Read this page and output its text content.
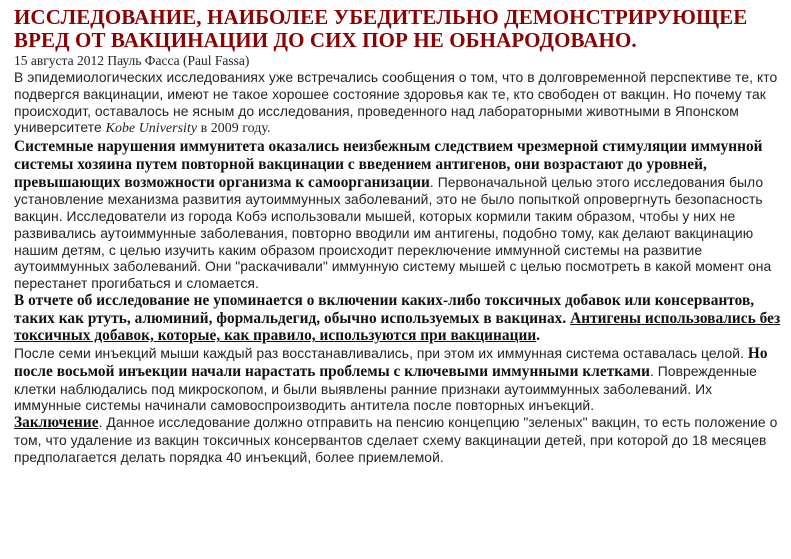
ИССЛЕДОВАНИЕ, НАИБОЛЕЕ УБЕДИТЕЛЬНО ДЕМОНСТРИРУЮЩЕЕ ВРЕД ОТ ВАКЦИНАЦИИ ДО СИХ ПОР НЕ ОБНАРОДОВАНО.
15 августа 2012 Пауль Фасса (Paul Fassa)

В эпидемиологических исследованиях уже встречались сообщения о том, что в долговременной перспективе те, кто подвергся вакцинации, имеют не такое хорошее состояние здоровья как те, кто свободен от вакцин. Но почему так происходит, оставалось не ясным до исследования, проведенного над лабораторными животными в Японском университете Kobe University в 2009 году.

Системные нарушения иммунитета оказались неизбежным следствием чрезмерной стимуляции иммунной системы хозяина путем повторной вакцинации с введением антигенов, они возрастают до уровней, превышающих возможности организма к самоорганизации. Первоначальной целью этого исследования было установление механизма развития аутоиммунных заболеваний, это не было попыткой опровергнуть безопасность вакцин. Исследователи из города Кобэ использовали мышей, которых кормили таким образом, чтобы у них не развивались аутоиммунные заболевания, повторно вводили им антигены, подобно тому, как делают вакцинацию нашим детям, с целью изучить каким образом происходит переключение иммунной системы на развитие аутоиммунных заболеваний. Они "раскачивали" иммунную систему мышей с целью посмотреть в какой момент она перестанет прогибаться и сломается.

В отчете об исследование не упоминается о включении каких-либо токсичных добавок или консервантов, таких как ртуть, алюминий, формальдегид, обычно используемых в вакцинах. Антигены использовались без токсичных добавок, которые, как правило, используются при вакцинации.

После семи инъекций мыши каждый раз восстанавливались, при этом их иммунная система оставалась целой. Но после восьмой инъекции начали нарастать проблемы с ключевыми иммунными клетками. Поврежденные клетки наблюдались под микроскопом, и были выявлены ранние признаки аутоиммунных заболеваний. Их иммунные системы начинали самовоспроизводить антитела после повторных инъекций.

Заключение. Данное исследование должно отправить на пенсию концепцию "зеленых" вакцин, то есть положение о том, что удаление из вакцин токсичных консервантов сделает схему вакцинации детей, при которой до 18 месяцев предполагается делать порядка 40 инъекций, более приемлемой.
